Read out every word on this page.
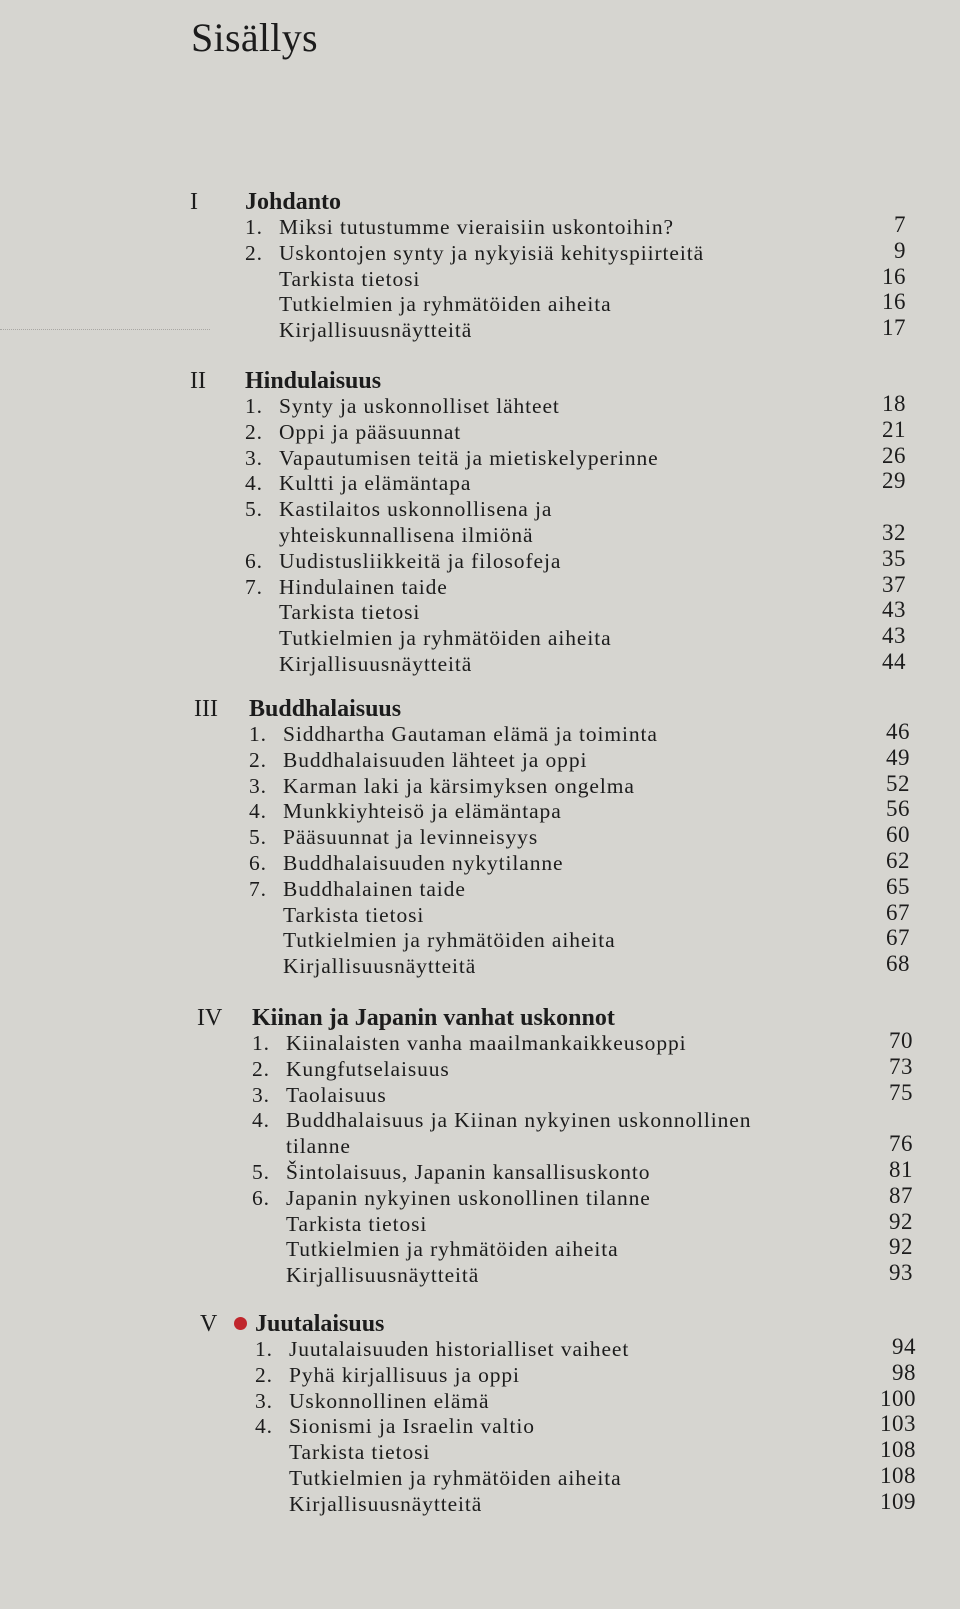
Sisällys
I Johdanto
1. Miksi tutustumme vieraisiin uskontoihin?	7
2. Uskontojen synty ja nykyisiä kehityspiirteitä	9
Tarkista tietosi	16
Tutkielmien ja ryhmätöiden aiheita	16
Kirjallisuusnäytteitä	17
II Hindulaisuus
1. Synty ja uskonnolliset lähteet	18
2. Oppi ja pääsuunnat	21
3. Vapautumisen teitä ja mietiskelyperinne	26
4. Kultti ja elämäntapa	29
5. Kastilaitos uskonnollisena ja
yhteiskunnallisena ilmiönä	32
6. Uudistusliikkeitä ja filosofeja	35
7. Hindulainen taide	37
Tarkista tietosi	43
Tutkielmien ja ryhmätöiden aiheita	43
Kirjallisuusnäytteitä	44
III Buddhalaisuus
1. Siddhartha Gautaman elämä ja toiminta	46
2. Buddhalaisuuden lähteet ja oppi	49
3. Karman laki ja kärsimyksen ongelma	52
4. Munkkiyhteisö ja elämäntapa	56
5. Pääsuunnat ja levinneisyys	60
6. Buddhalaisuuden nykytilanne	62
7. Buddhalainen taide	65
Tarkista tietosi	67
Tutkielmien ja ryhmätöiden aiheita	67
Kirjallisuusnäytteitä	68
IV Kiinan ja Japanin vanhat uskonnot
1. Kiinalaisten vanha maailmankaikkeusoppi	70
2. Kungfutselaisuus	73
3. Taolaisuus	75
4. Buddhalaisuus ja Kiinan nykyinen uskonnollinen
tilanne	76
5. Šintolaisuus, Japanin kansallisuskonto	81
6. Japanin nykyinen uskonollinen tilanne	87
Tarkista tietosi	92
Tutkielmien ja ryhmätöiden aiheita	92
Kirjallisuusnäytteitä	93
V Juutalaisuus
1. Juutalaisuuden historialliset vaiheet	94
2. Pyhä kirjallisuus ja oppi	98
3. Uskonnollinen elämä	100
4. Sionismi ja Israelin valtio	103
Tarkista tietosi	108
Tutkielmien ja ryhmätöiden aiheita	108
Kirjallisuusnäytteitä	109
